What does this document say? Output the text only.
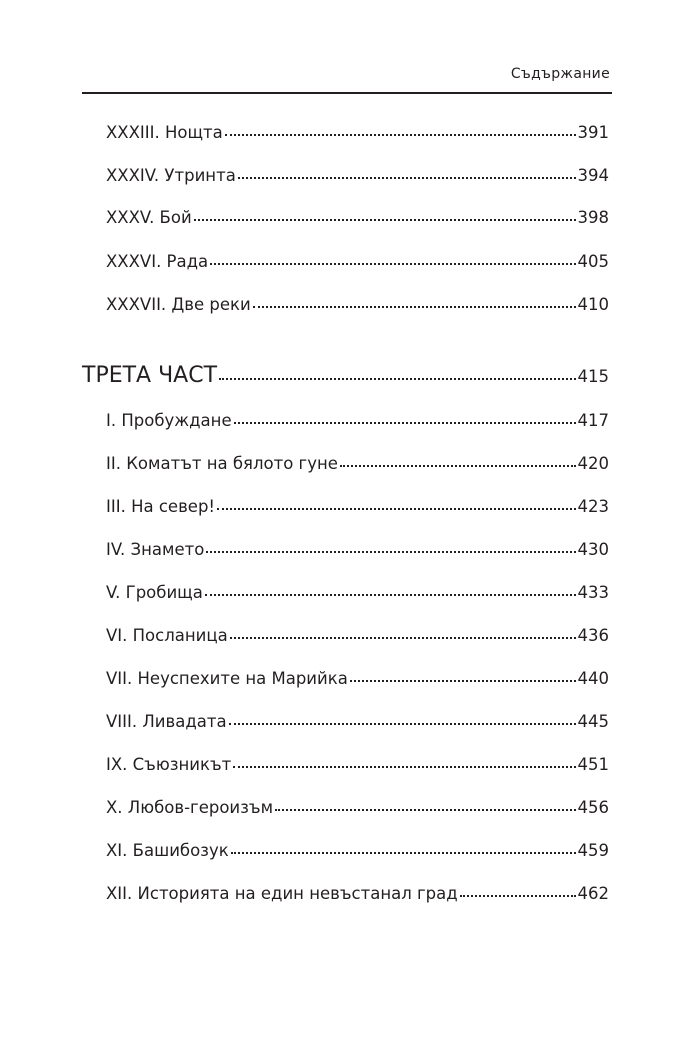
Съдържание
XXXIII. Нощта	391
XXXIV. Утринта	394
XXXV. Бой	398
XXXVI. Рада	405
XXXVII. Две реки	410
ТРЕТА ЧАСТ	415
I. Пробуждане	417
II. Коматът на бялото гуне	420
III. На север!	423
IV. Знамето	430
V. Гробища	433
VI. Посланица	436
VII. Неуспехите на Марийка	440
VIII. Ливадата	445
IX. Съюзникът	451
X. Любов-героизъм	456
XI. Башибозук	459
XII. Историята на един невъстанал град	462
